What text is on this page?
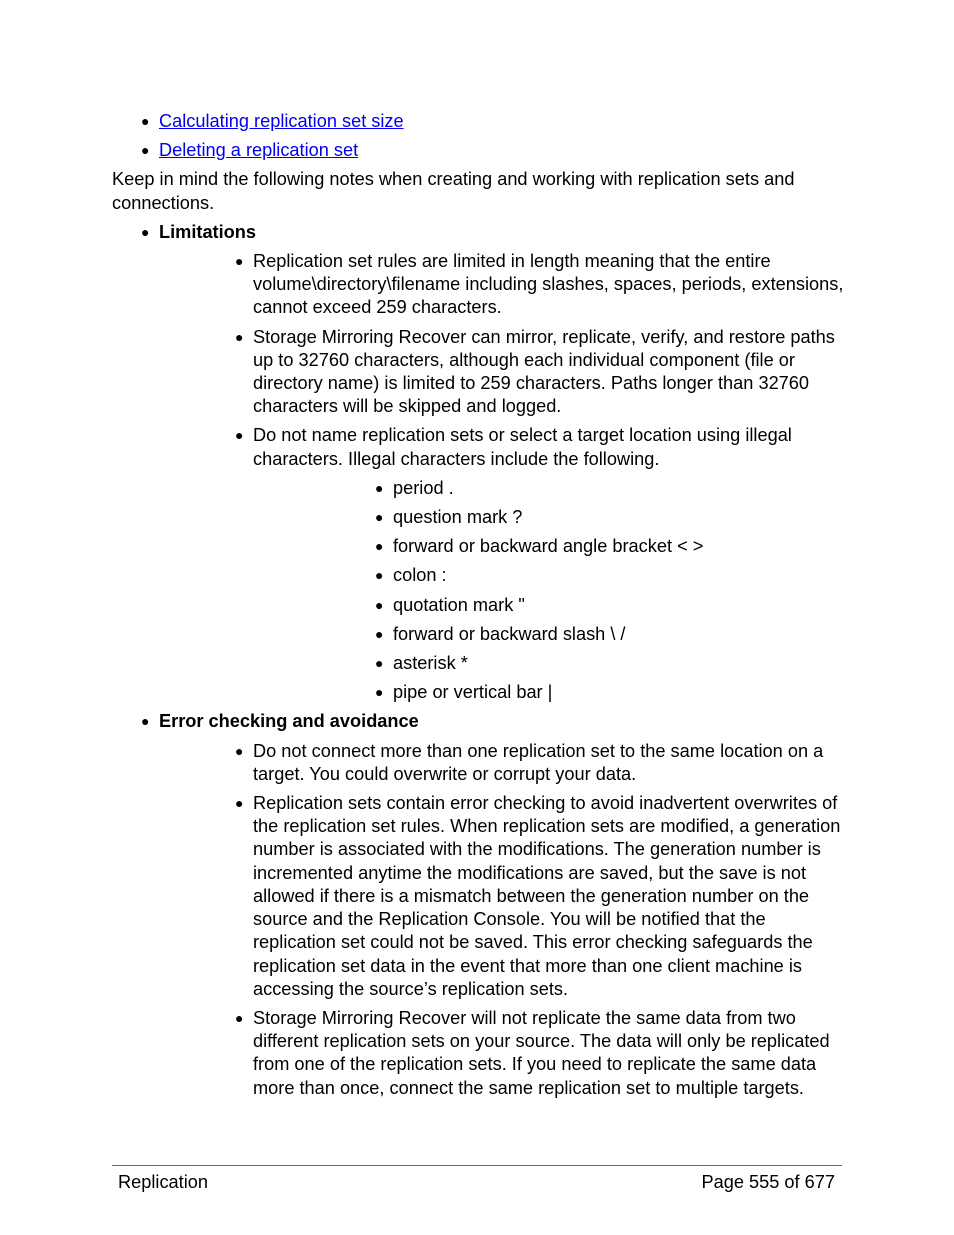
● Calculating replication set size
● Deleting a replication set

Keep in mind the following notes when creating and working with replication sets and connections.

● Limitations
● Replication set rules are limited in length meaning that the entire volume\directory\filename including slashes, spaces, periods, extensions, cannot exceed 259 characters.
● Storage Mirroring Recover can mirror, replicate, verify, and restore paths up to 32760 characters, although each individual component (file or directory name) is limited to 259 characters. Paths longer than 32760 characters will be skipped and logged.
● Do not name replication sets or select a target location using illegal characters. Illegal characters include the following.
● period .
● question mark ?
● forward or backward angle bracket < >
● colon :
● quotation mark "
● forward or backward slash \ /
● asterisk *
● pipe or vertical bar |
● Error checking and avoidance
● Do not connect more than one replication set to the same location on a target. You could overwrite or corrupt your data.
● Replication sets contain error checking to avoid inadvertent overwrites of the replication set rules. When replication sets are modified, a generation number is associated with the modifications. The generation number is incremented anytime the modifications are saved, but the save is not allowed if there is a mismatch between the generation number on the source and the Replication Console. You will be notified that the replication set could not be saved. This error checking safeguards the replication set data in the event that more than one client machine is accessing the source’s replication sets.
● Storage Mirroring Recover will not replicate the same data from two different replication sets on your source. The data will only be replicated from one of the replication sets. If you need to replicate the same data more than once, connect the same replication set to multiple targets.
Replication	Page 555 of 677
